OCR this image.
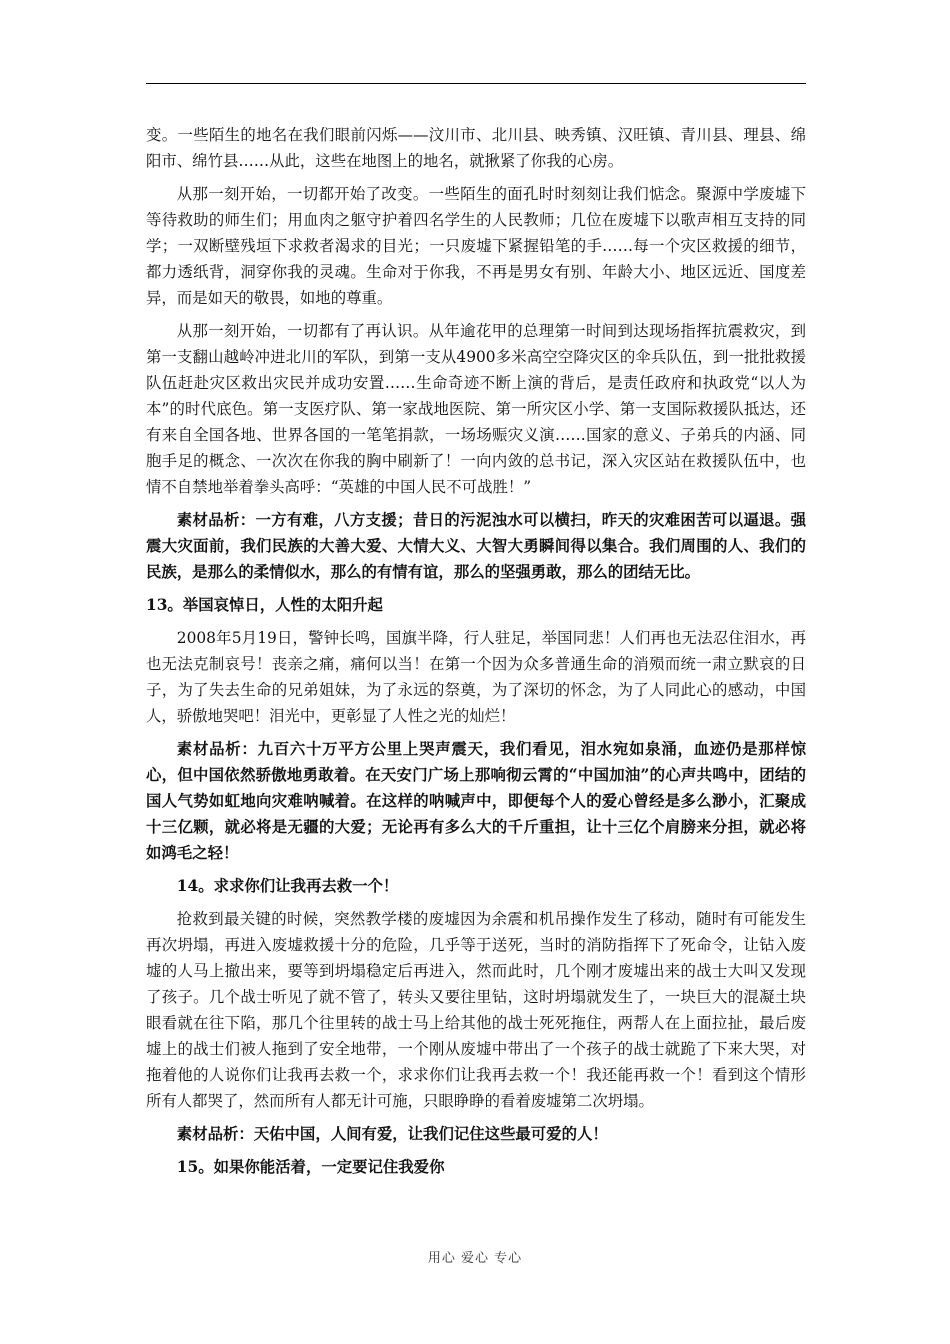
变。一些陌生的地名在我们眼前闪烁——汶川市、北川县、映秀镇、汉旺镇、青川县、理县、绵阳市、绵竹县……从此，这些在地图上的地名，就揪紧了你我的心房。

从那一刻开始，一切都开始了改变。一些陌生的面孔时时刻刻让我们惦念。聚源中学废墟下等待救助的师生们；用血肉之躯守护着四名学生的人民教师；几位在废墟下以歌声相互支持的同学；一双断壁残垣下求救者渴求的目光；一只废墟下紧握铅笔的手……每一个灾区救援的细节，都力透纸背，洞穿你我的灵魂。生命对于你我，不再是男女有别、年龄大小、地区远近、国度差异，而是如天的敬畏，如地的尊重。

从那一刻开始，一切都有了再认识。从年逾花甲的总理第一时间到达现场指挥抗震救灾，到第一支翻山越岭冲进北川的军队，到第一支从4900多米高空空降灾区的伞兵队伍，到一批批救援队伍赶赴灾区救出灾民并成功安置……生命奇迹不断上演的背后，是责任政府和执政党“以人为本”的时代底色。第一支医疗队、第一家战地医院、第一所灾区小学、第一支国际救援队抵达，还有来自全国各地、世界各国的一笔笔捐款，一场场赈灾义演……国家的意义、子弟兵的内涵、同胞手足的概念、一次次在你我的胸中刷新了！一向内敛的总书记，深入灾区站在救援队伍中，也情不自禁地举着拳头高呼：“英雄的中国人民不可战胜！”

素材品析：一方有难，八方支援；昔日的污泥浊水可以横扫，昨天的灾难困苦可以逼退。强震大灾面前，我们民族的大善大爱、大情大义、大智大勇瞬间得以集合。我们周围的人、我们的民族，是那么的柔情似水，那么的有情有谊，那么的坚强勇敢，那么的团结无比。

13。举国哀悼日，人性的太阳升起

2008年5月19日，警钟长鸣，国旗半降，行人驻足，举国同悲！人们再也无法忍住泪水，再也无法克制哀号！丧亲之痛，痛何以当！在第一个因为众多普通生命的消殒而统一肃立默哀的日子，为了失去生命的兄弟姐妹，为了永远的祭奠，为了深切的怀念，为了人同此心的感动，中国人，骄傲地哭吧！泪光中，更彰显了人性之光的灿烂！

素材品析：九百六十万平方公里上哭声震天，我们看见，泪水宛如泉涌，血迹仍是那样惊心，但中国依然骄傲地勇敢着。在天安门广场上那响彻云霄的“中国加油”的心声共鸣中，团结的国人气势如虹地向灾难呐喊着。在这样的呐喊声中，即便每个人的爱心曾经是多么渺小，汇聚成十三亿颗，就必将是无疆的大爱；无论再有多么大的千斤重担，让十三亿个肩膀来分担，就必将如鸿毛之轻！

14。求求你们让我再去救一个！

抢救到最关键的时候，突然教学楼的废墟因为余震和机吊操作发生了移动，随时有可能发生再次坍塌，再进入废墟救援十分的危险，几乎等于送死，当时的消防指挥下了死命令，让钻入废墟的人马上撤出来，要等到坍塌稳定后再进入，然而此时，几个刚才废墟出来的战士大叫又发现了孩子。几个战士听见了就不管了，转头又要往里钻，这时坍塌就发生了，一块巨大的混凝土块眼看就在往下陷，那几个往里转的战士马上给其他的战士死死拖住，两帮人在上面拉扯，最后废墟上的战士们被人拖到了安全地带，一个刚从废墟中带出了一个孩子的战士就跪了下来大哭，对拖着他的人说你们让我再去救一个，求求你们让我再去救一个！我还能再救一个！看到这个情形所有人都哭了，然而所有人都无计可施，只眼睁睁的看着废墟第二次坍塌。

素材品析：天佑中国，人间有爱，让我们记住这些最可爱的人！

15。如果你能活着，一定要记住我爱你

用心 爱心 专心
